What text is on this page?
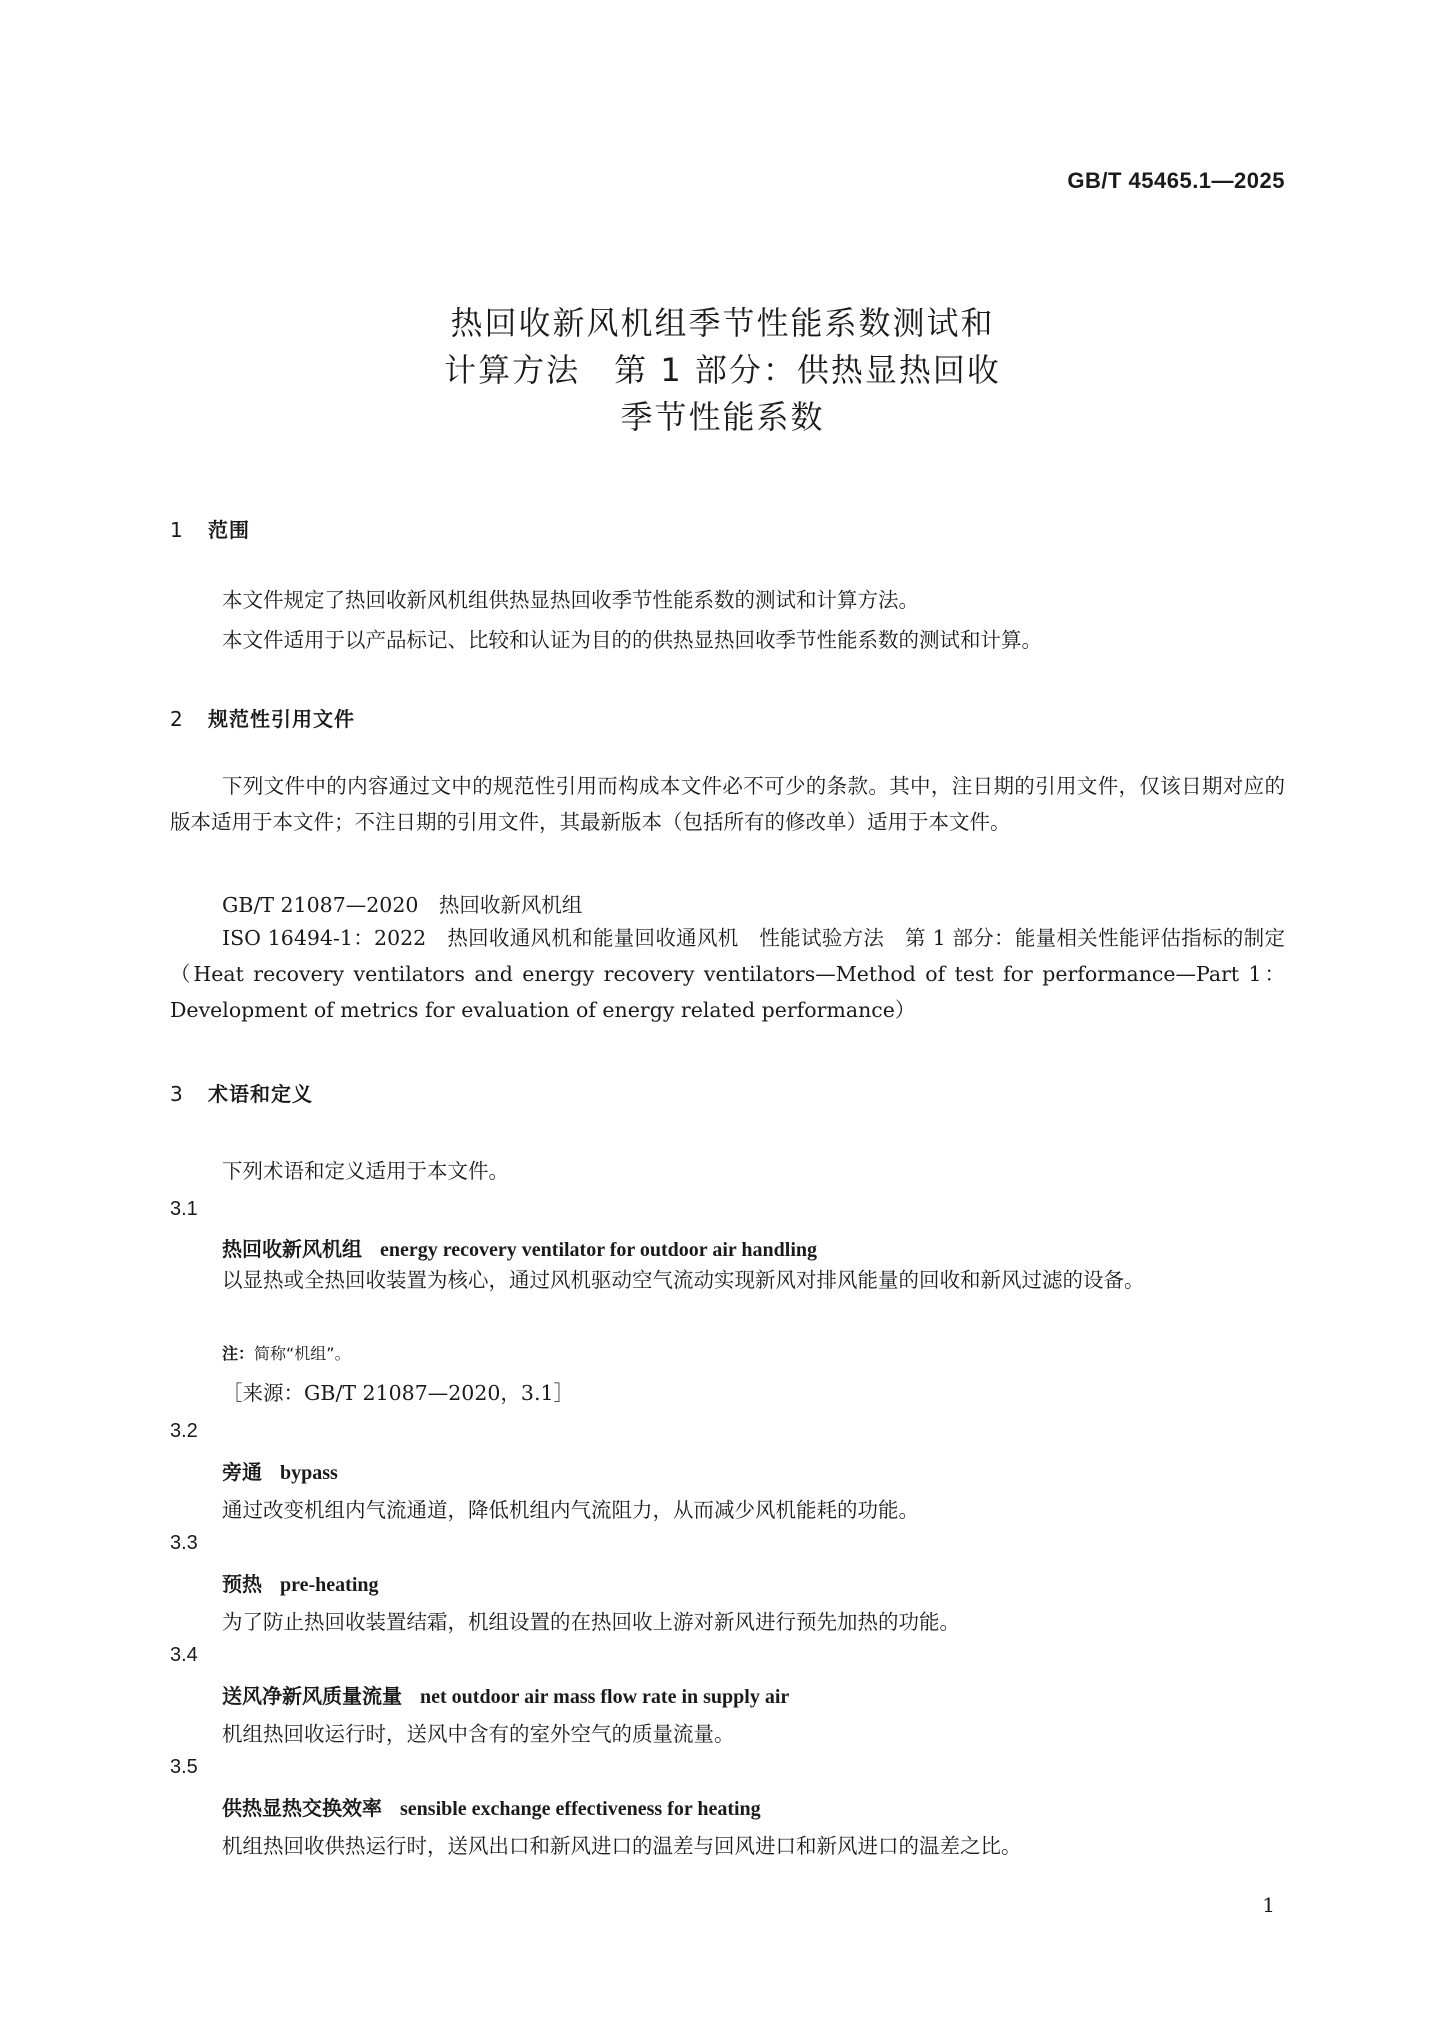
GB/T 45465.1—2025
热回收新风机组季节性能系数测试和
计算方法　第 1 部分：供热显热回收
季节性能系数
1 范围
本文件规定了热回收新风机组供热显热回收季节性能系数的测试和计算方法。
本文件适用于以产品标记、比较和认证为目的的供热显热回收季节性能系数的测试和计算。
2 规范性引用文件
下列文件中的内容通过文中的规范性引用而构成本文件必不可少的条款。其中，注日期的引用文件，仅该日期对应的版本适用于本文件；不注日期的引用文件，其最新版本（包括所有的修改单）适用于本文件。
GB/T 21087—2020　热回收新风机组
ISO 16494-1：2022　热回收通风机和能量回收通风机　性能试验方法　第 1 部分：能量相关性能评估指标的制定（Heat recovery ventilators and energy recovery ventilators—Method of test for performance—Part 1：Development of metrics for evaluation of energy related performance）
3 术语和定义
下列术语和定义适用于本文件。
3.1
热回收新风机组 energy recovery ventilator for outdoor air handling
以显热或全热回收装置为核心，通过风机驱动空气流动实现新风对排风能量的回收和新风过滤的设备。
注：简称“机组”。
［来源：GB/T 21087—2020，3.1］
3.2
旁通 bypass
通过改变机组内气流通道，降低机组内气流阻力，从而减少风机能耗的功能。
3.3
预热 pre-heating
为了防止热回收装置结霜，机组设置的在热回收上游对新风进行预先加热的功能。
3.4
送风净新风质量流量 net outdoor air mass flow rate in supply air
机组热回收运行时，送风中含有的室外空气的质量流量。
3.5
供热显热交换效率 sensible exchange effectiveness for heating
机组热回收供热运行时，送风出口和新风进口的温差与回风进口和新风进口的温差之比。
1
